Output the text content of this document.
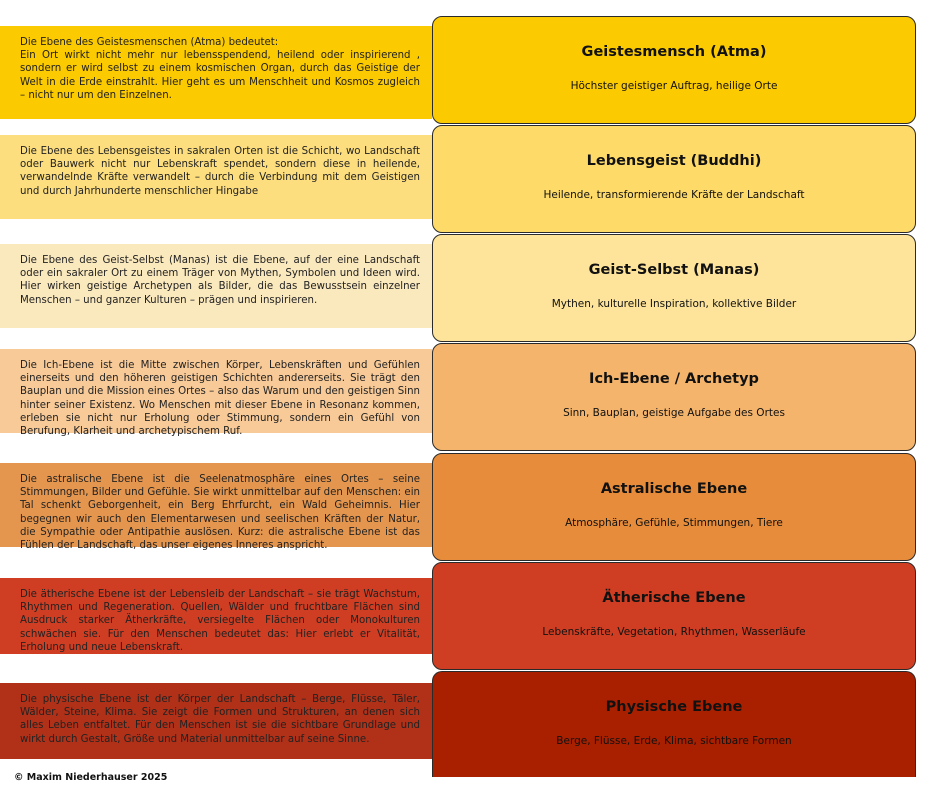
Die Ebene des Geistesmenschen (Atma) bedeutet:
Ein Ort wirkt nicht mehr nur lebensspendend, heilend oder inspirierend , sondern er wird selbst zu einem kosmischen Organ, durch das Geistige der Welt in die Erde einstrahlt. Hier geht es um Menschheit und Kosmos zugleich – nicht nur um den Einzelnen.
Geistesmensch (Atma)
Höchster geistiger Auftrag, heilige Orte
Die Ebene des Lebensgeistes in sakralen Orten ist die Schicht, wo Landschaft oder Bauwerk nicht nur Lebenskraft spendet, sondern diese in heilende, verwandelnde Kräfte verwandelt – durch die Verbindung mit dem Geistigen und durch Jahrhunderte menschlicher Hingabe
Lebensgeist (Buddhi)
Heilende, transformierende Kräfte der Landschaft
Die Ebene des Geist-Selbst (Manas) ist die Ebene, auf der eine Landschaft oder ein sakraler Ort zu einem Träger von Mythen, Symbolen und Ideen wird. Hier wirken geistige Archetypen als Bilder, die das Bewusstsein einzelner Menschen – und ganzer Kulturen – prägen und inspirieren.
Geist-Selbst (Manas)
Mythen, kulturelle Inspiration, kollektive Bilder
Die Ich-Ebene ist die Mitte zwischen Körper, Lebenskräften und Gefühlen einerseits und den höheren geistigen Schichten andererseits. Sie trägt den Bauplan und die Mission eines Ortes – also das Warum und den geistigen Sinn hinter seiner Existenz. Wo Menschen mit dieser Ebene in Resonanz kommen, erleben sie nicht nur Erholung oder Stimmung, sondern ein Gefühl von Berufung, Klarheit und archetypischem Ruf.
Ich-Ebene / Archetyp
Sinn, Bauplan, geistige Aufgabe des Ortes
Die astralische Ebene ist die Seelenatmosphäre eines Ortes – seine Stimmungen, Bilder und Gefühle. Sie wirkt unmittelbar auf den Menschen: ein Tal schenkt Geborgenheit, ein Berg Ehrfurcht, ein Wald Geheimnis. Hier begegnen wir auch den Elementarwesen und seelischen Kräften der Natur, die Sympathie oder Antipathie auslösen. Kurz: die astralische Ebene ist das Fühlen der Landschaft, das unser eigenes Inneres anspricht.
Astralische Ebene
Atmosphäre, Gefühle, Stimmungen, Tiere
Die ätherische Ebene ist der Lebensleib der Landschaft – sie trägt Wachstum, Rhythmen und Regeneration. Quellen, Wälder und fruchtbare Flächen sind Ausdruck starker Ätherkräfte, versiegelte Flächen oder Monokulturen schwächen sie. Für den Menschen bedeutet das: Hier erlebt er Vitalität, Erholung und neue Lebenskraft.
Ätherische Ebene
Lebenskräfte, Vegetation, Rhythmen, Wasserläufe
Die physische Ebene ist der Körper der Landschaft – Berge, Flüsse, Täler, Wälder, Steine, Klima. Sie zeigt die Formen und Strukturen, an denen sich alles Leben entfaltet. Für den Menschen ist sie die sichtbare Grundlage und wirkt durch Gestalt, Größe und Material unmittelbar auf seine Sinne.
Physische Ebene
Berge, Flüsse, Erde, Klima, sichtbare Formen
© Maxim Niederhauser 2025
